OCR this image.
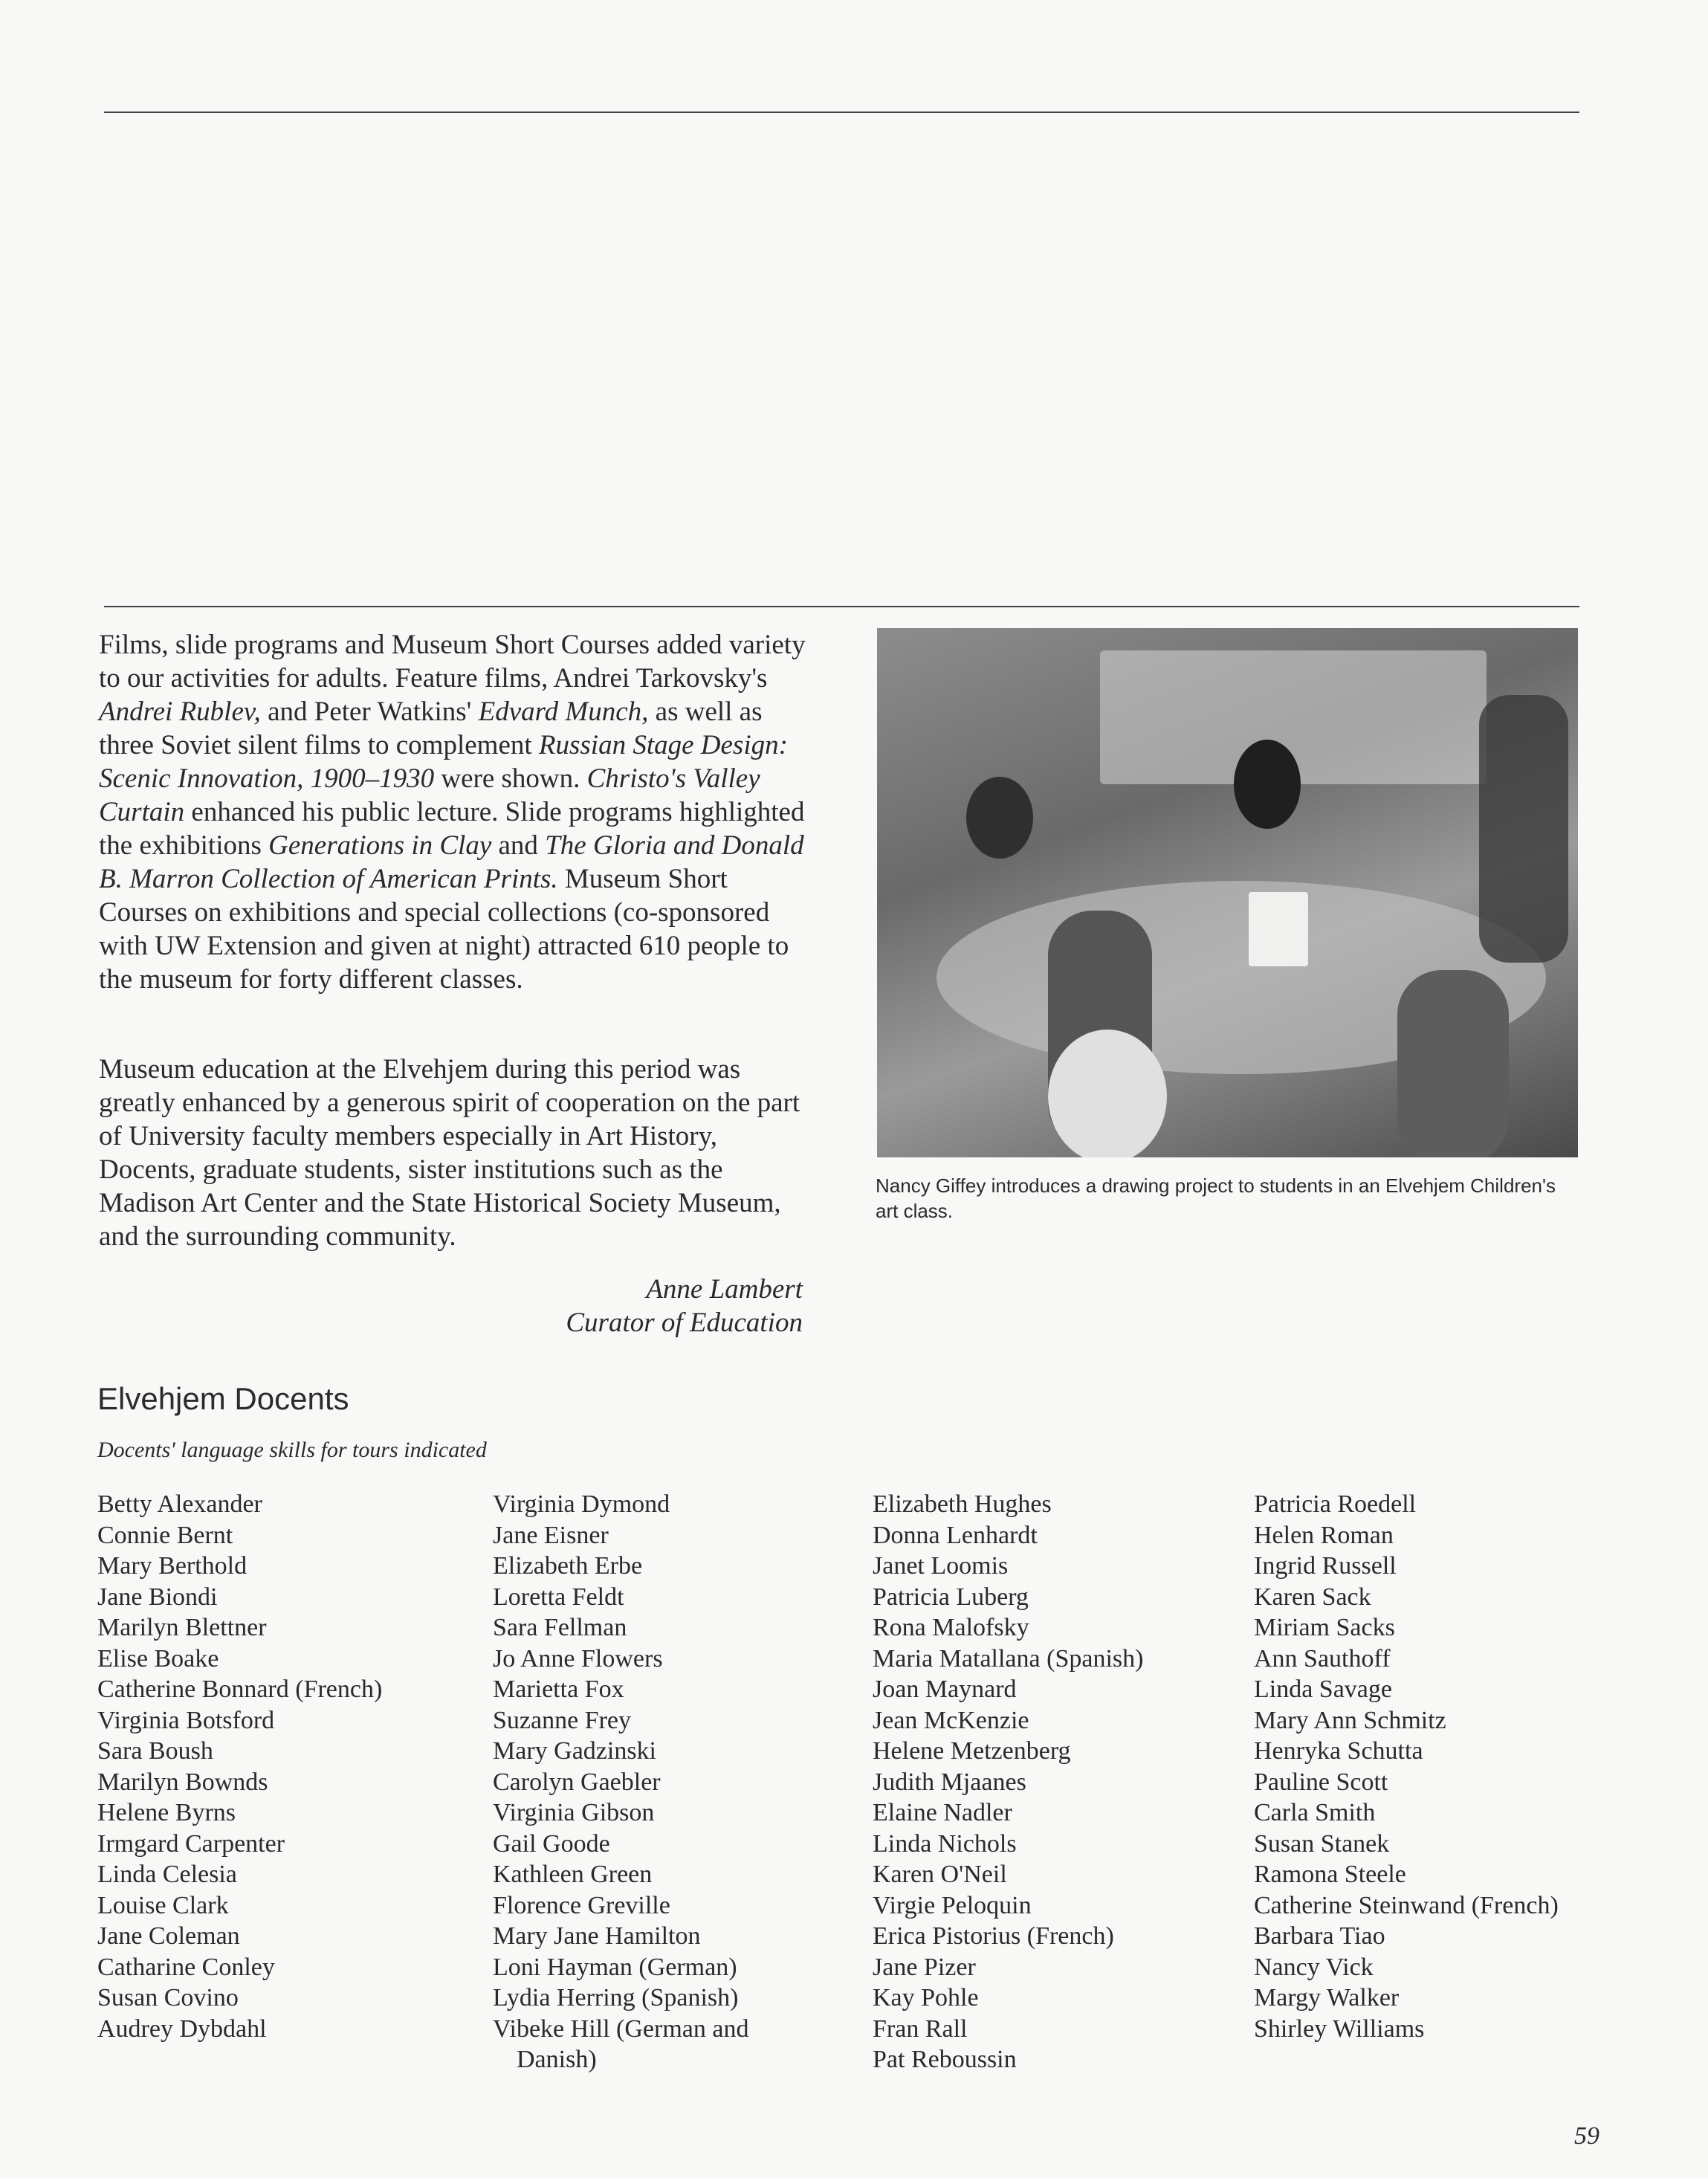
Films, slide programs and Museum Short Courses added variety to our activities for adults. Feature films, Andrei Tarkovsky's Andrei Rublev, and Peter Watkins' Edvard Munch, as well as three Soviet silent films to complement Russian Stage Design: Scenic Innovation, 1900–1930 were shown. Christo's Valley Curtain enhanced his public lecture. Slide programs highlighted the exhibitions Generations in Clay and The Gloria and Donald B. Marron Collection of American Prints. Museum Short Courses on exhibitions and special collections (co-sponsored with UW Extension and given at night) attracted 610 people to the museum for forty different classes.

Museum education at the Elvehjem during this period was greatly enhanced by a generous spirit of cooperation on the part of University faculty members especially in Art History, Docents, graduate students, sister institutions such as the Madison Art Center and the State Historical Society Museum, and the surrounding community.

Anne Lambert
Curator of Education

Nancy Giffey introduces a drawing project to students in an Elvehjem Children's art class.

Elvehjem Docents

Docents' language skills for tours indicated

Betty Alexander
Connie Bernt
Mary Berthold
Jane Biondi
Marilyn Blettner
Elise Boake
Catherine Bonnard (French)
Virginia Botsford
Sara Boush
Marilyn Bownds
Helene Byrns
Irmgard Carpenter
Linda Celesia
Louise Clark
Jane Coleman
Catharine Conley
Susan Covino
Audrey Dybdahl
Virginia Dymond
Jane Eisner
Elizabeth Erbe
Loretta Feldt
Sara Fellman
Jo Anne Flowers
Marietta Fox
Suzanne Frey
Mary Gadzinski
Carolyn Gaebler
Virginia Gibson
Gail Goode
Kathleen Green
Florence Greville
Mary Jane Hamilton
Loni Hayman (German)
Lydia Herring (Spanish)
Vibeke Hill (German and
Danish)
Elizabeth Hughes
Donna Lenhardt
Janet Loomis
Patricia Luberg
Rona Malofsky
Maria Matallana (Spanish)
Joan Maynard
Jean McKenzie
Helene Metzenberg
Judith Mjaanes
Elaine Nadler
Linda Nichols
Karen O'Neil
Virgie Peloquin
Erica Pistorius (French)
Jane Pizer
Kay Pohle
Fran Rall
Pat Reboussin
Patricia Roedell
Helen Roman
Ingrid Russell
Karen Sack
Miriam Sacks
Ann Sauthoff
Linda Savage
Mary Ann Schmitz
Henryka Schutta
Pauline Scott
Carla Smith
Susan Stanek
Ramona Steele
Catherine Steinwand (French)
Barbara Tiao
Nancy Vick
Margy Walker
Shirley Williams
59
